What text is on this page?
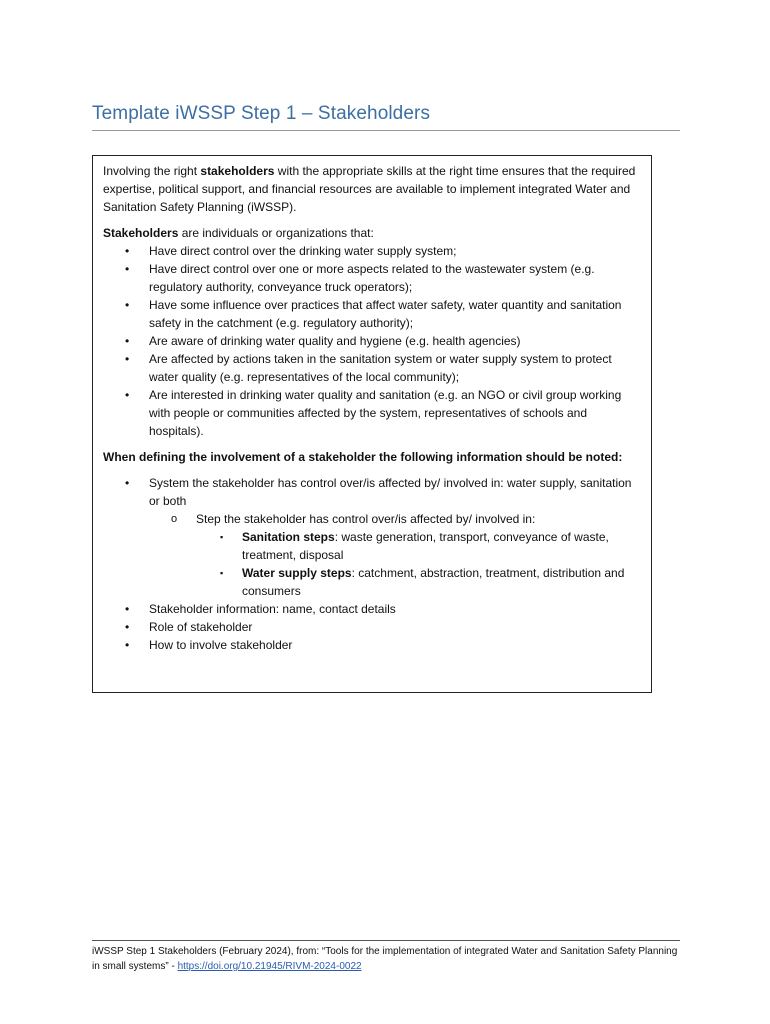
Template iWSSP Step 1 – Stakeholders

Involving the right stakeholders with the appropriate skills at the right time ensures that the required expertise, political support, and financial resources are available to implement integrated Water and Sanitation Safety Planning (iWSSP).

Stakeholders are individuals or organizations that:

• Have direct control over the drinking water supply system;
• Have direct control over one or more aspects related to the wastewater system (e.g. regulatory authority, conveyance truck operators);
• Have some influence over practices that affect water safety, water quantity and sanitation safety in the catchment (e.g. regulatory authority);
• Are aware of drinking water quality and hygiene (e.g. health agencies)
• Are affected by actions taken in the sanitation system or water supply system to protect water quality (e.g. representatives of the local community);
• Are interested in drinking water quality and sanitation (e.g. an NGO or civil group working with people or communities affected by the system, representatives of schools and hospitals).

When defining the involvement of a stakeholder the following information should be noted:

• System the stakeholder has control over/is affected by/ involved in: water supply, sanitation or both
o Step the stakeholder has control over/is affected by/ involved in:
▪ Sanitation steps: waste generation, transport, conveyance of waste, treatment, disposal
▪ Water supply steps: catchment, abstraction, treatment, distribution and consumers
• Stakeholder information: name, contact details
• Role of stakeholder
• How to involve stakeholder
iWSSP Step 1 Stakeholders (February 2024), from: “Tools for the implementation of integrated Water and Sanitation Safety Planning in small systems” - https://doi.org/10.21945/RIVM-2024-0022
